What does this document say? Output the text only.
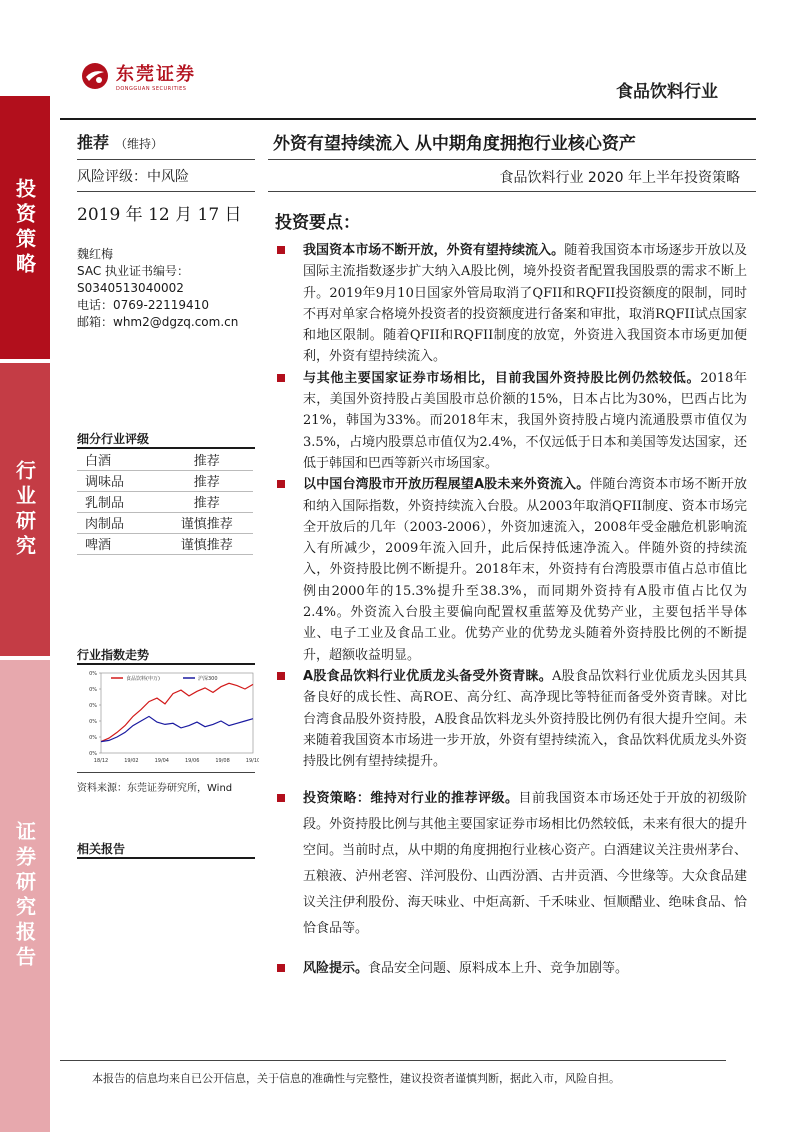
投资策略
行业研究
证券研究报告
东莞证券
DONGGUAN SECURITIES	食品饮料行业
推荐 （维持）
风险评级：中风险
2019 年 12 月 17 日
魏红梅
SAC 执业证书编号：
S0340513040002
电话：0769-22119410
邮箱：whm2@dgzq.com.cn
细分行业评级
白酒	推荐
调味品	推荐
乳制品	推荐
肉制品	谨慎推荐
啤酒	谨慎推荐
行业指数走势
0%
0%
0%
0%
0%
0%
18/12	19/02	19/04	19/06	19/08	19/10
食品饮料(申万)	沪深300
资料来源：东莞证券研究所，Wind
相关报告
外资有望持续流入 从中期角度拥抱行业核心资产
食品饮料行业 2020 年上半年投资策略
投资要点：
我国资本市场不断开放，外资有望持续流入。随着我国资本市场逐步开放以及国际主流指数逐步扩大纳入A股比例，境外投资者配置我国股票的需求不断上升。2019年9月10日国家外管局取消了QFII和RQFII投资额度的限制，同时不再对单家合格境外投资者的投资额度进行备案和审批，取消RQFII试点国家和地区限制。随着QFII和RQFII制度的放宽，外资进入我国资本市场更加便利，外资有望持续流入。
与其他主要国家证券市场相比，目前我国外资持股比例仍然较低。2018年末，美国外资持股占美国股市总价额的15%，日本占比为30%，巴西占比为21%，韩国为33%。而2018年末，我国外资持股占境内流通股票市值仅为3.5%，占境内股票总市值仅为2.4%，不仅远低于日本和美国等发达国家，还低于韩国和巴西等新兴市场国家。
以中国台湾股市开放历程展望A股未来外资流入。伴随台湾资本市场不断开放和纳入国际指数，外资持续流入台股。从2003年取消QFII制度、资本市场完全开放后的几年（2003-2006），外资加速流入，2008年受金融危机影响流入有所减少，2009年流入回升，此后保持低速净流入。伴随外资的持续流入，外资持股比例不断提升。2018年末，外资持有台湾股票市值占总市值比例由2000年的15.3%提升至38.3%，而同期外资持有A股市值占比仅为2.4%。外资流入台股主要偏向配置权重蓝筹及优势产业，主要包括半导体业、电子工业及食品工业。优势产业的优势龙头随着外资持股比例的不断提升，超额收益明显。
A股食品饮料行业优质龙头备受外资青睐。A股食品饮料行业优质龙头因其具备良好的成长性、高ROE、高分红、高净现比等特征而备受外资青睐。对比台湾食品股外资持股，A股食品饮料龙头外资持股比例仍有很大提升空间。未来随着我国资本市场进一步开放，外资有望持续流入，食品饮料优质龙头外资持股比例有望持续提升。
投资策略：维持对行业的推荐评级。目前我国资本市场还处于开放的初级阶段。外资持股比例与其他主要国家证券市场相比仍然较低，未来有很大的提升空间。当前时点，从中期的角度拥抱行业核心资产。白酒建议关注贵州茅台、五粮液、泸州老窖、洋河股份、山西汾酒、古井贡酒、今世缘等。大众食品建议关注伊利股份、海天味业、中炬高新、千禾味业、恒顺醋业、绝味食品、恰恰食品等。
风险提示。食品安全问题、原料成本上升、竞争加剧等。
本报告的信息均来自已公开信息，关于信息的准确性与完整性，建议投资者谨慎判断，据此入市，风险自担。
